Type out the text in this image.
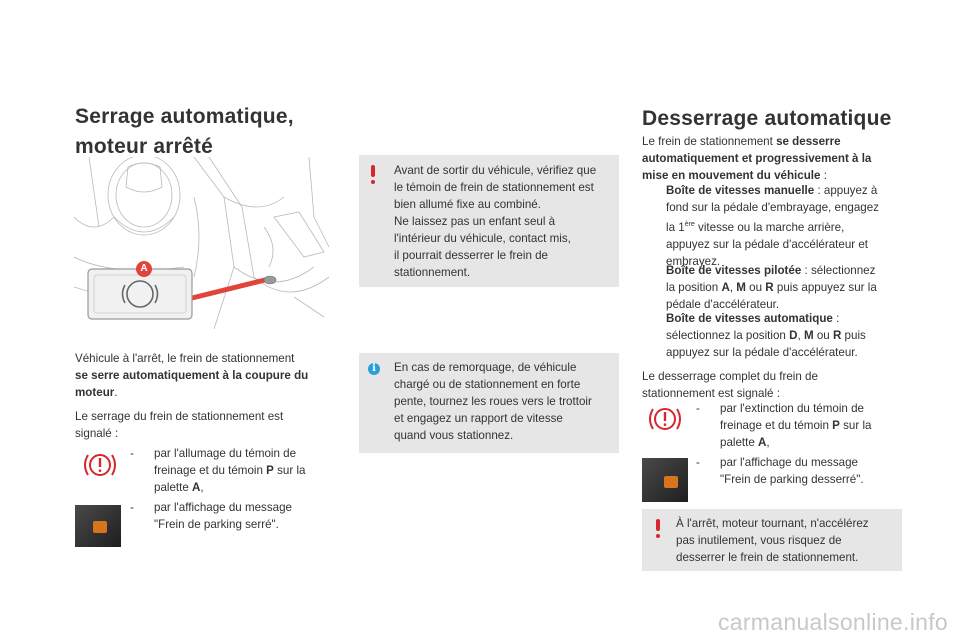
Serrage automatique,
moteur arrêté
A

Véhicule à l'arrêt, le frein de stationnement
se serre automatiquement à la coupure du
moteur.

Le serrage du frein de stationnement est
signalé :

- par l'allumage du témoin de
freinage et du témoin P sur la
palette A,
- par l'affichage du message
"Frein de parking serré".
Avant de sortir du véhicule, vérifiez que
le témoin de frein de stationnement est
bien allumé fixe au combiné.
Ne laissez pas un enfant seul à
l'intérieur du véhicule, contact mis,
il pourrait desserrer le frein de
stationnement.
i	En cas de remorquage, de véhicule
chargé ou de stationnement en forte
pente, tournez les roues vers le trottoir
et engagez un rapport de vitesse
quand vous stationnez.
Desserrage automatique

Le frein de stationnement se desserre
automatiquement et progressivement à la
mise en mouvement du véhicule :

Boîte de vitesses manuelle : appuyez à
fond sur la pédale d'embrayage, engagez
la 1ère vitesse ou la marche arrière,
appuyez sur la pédale d'accélérateur et
embrayez.
Boîte de vitesses pilotée : sélectionnez
la position A, M ou R puis appuyez sur la
pédale d'accélérateur.
Boîte de vitesses automatique :
sélectionnez la position D, M ou R puis
appuyez sur la pédale d'accélérateur.

Le desserrage complet du frein de
stationnement est signalé :

- par l'extinction du témoin de
freinage et du témoin P sur la
palette A,
- par l'affichage du message
"Frein de parking desserré".
À l'arrêt, moteur tournant, n'accélérez
pas inutilement, vous risquez de
desserrer le frein de stationnement.
carmanualsonline.info
